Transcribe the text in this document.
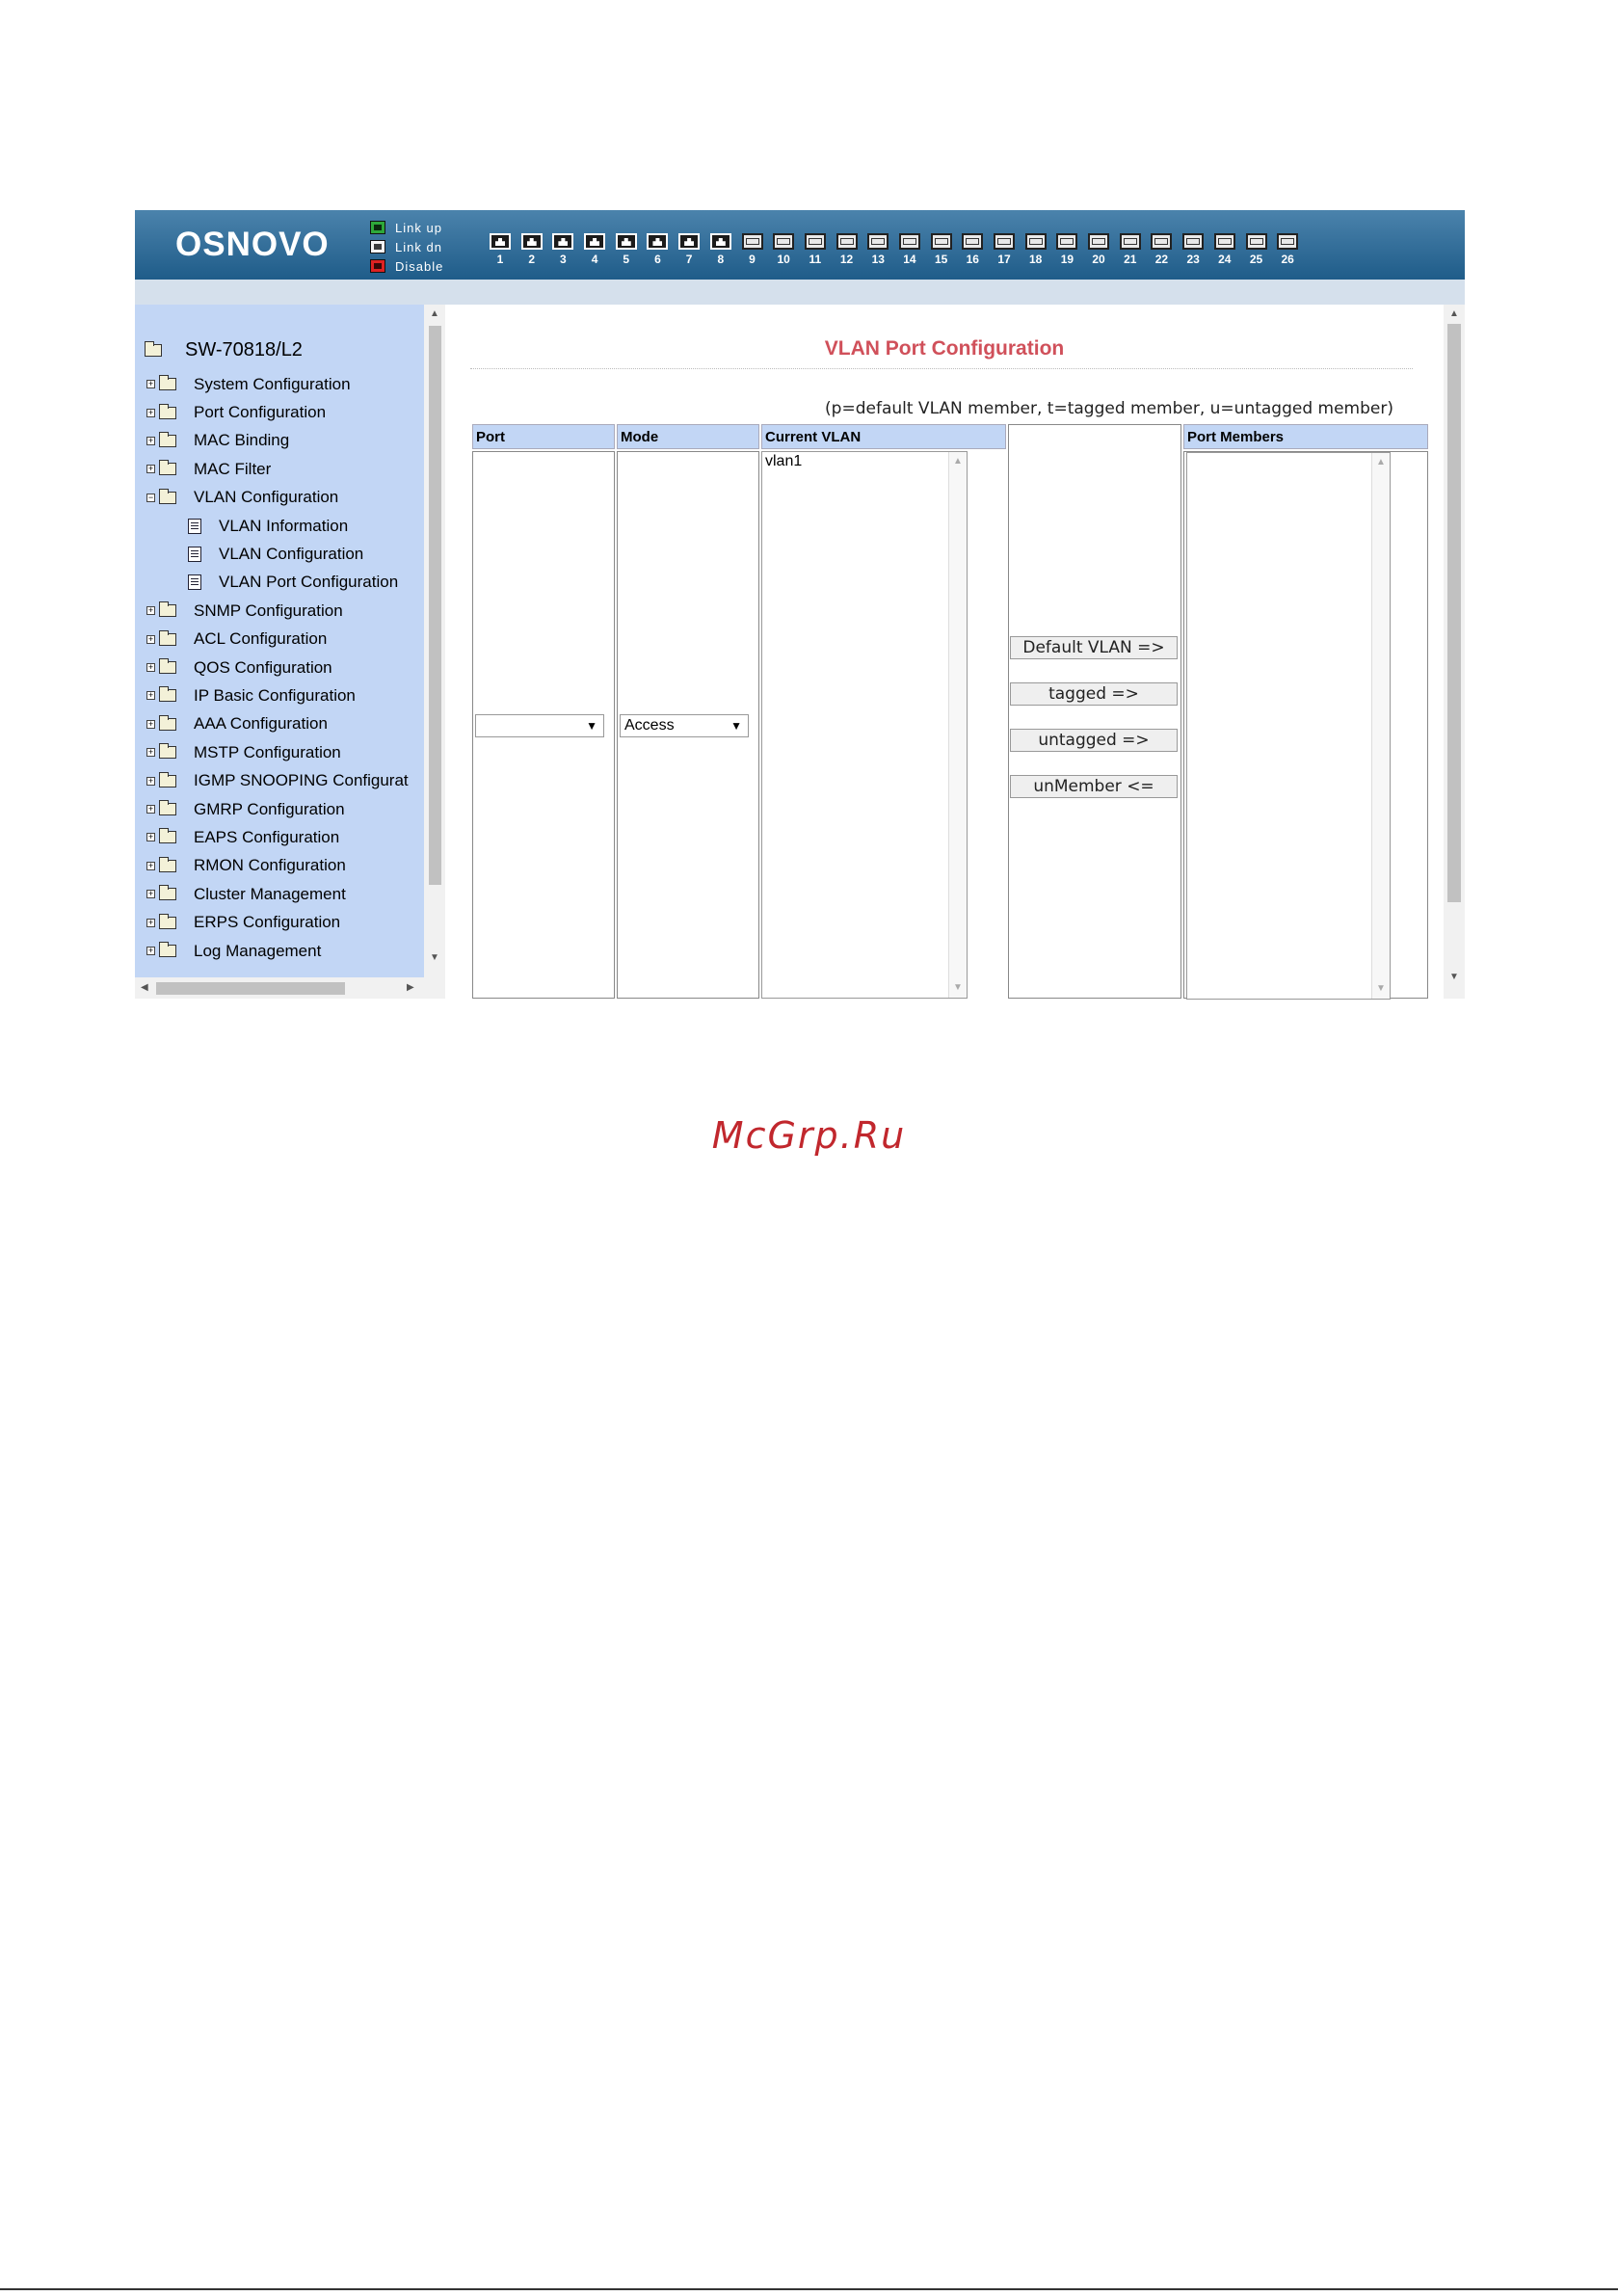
OSNOVO	Link up
Link dn
Disable	1 2 3 4 5 6 7 8 9 10 11 12 13 14 15 16 17 18 19 20 21 22 23 24 25 26
SW-70818/L2
+ System Configuration
+ Port Configuration
+ MAC Binding
+ MAC Filter
− VLAN Configuration
VLAN Information
VLAN Configuration
VLAN Port Configuration
+ SNMP Configuration
+ ACL Configuration
+ QOS Configuration
+ IP Basic Configuration
+ AAA Configuration
+ MSTP Configuration
+ IGMP SNOOPING Configurat
+ GMRP Configuration
+ EAPS Configuration
+ RMON Configuration
+ Cluster Management
+ ERPS Configuration
+ Log Management
▲
▼
◀	▶
VLAN Port Configuration
(p=default VLAN member, t=tagged member, u=untagged member)
Port	Mode	Current VLAN	Port Members
▼	Access	▼
vlan1	▲
▼
Default VLAN =>
tagged =>
untagged =>
unMember <=
▲
▼
▲
▼
McGrp.Ru
